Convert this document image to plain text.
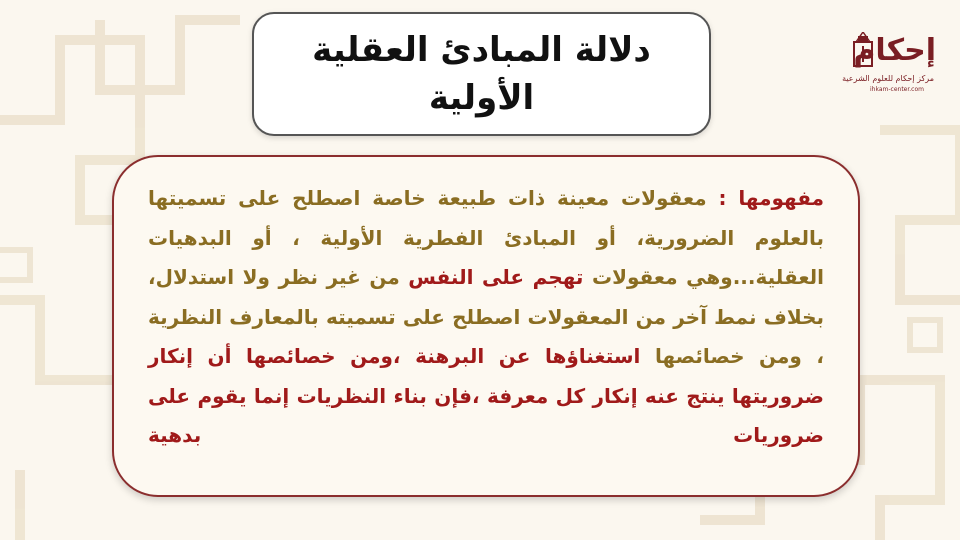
إحكام
مركز إحكام للعلوم الشرعية
ihkam-center.com
دلالة المبادئ العقلية
الأولية

مفهومها : معقولات معينة ذات طبيعة خاصة اصطلح على تسميتها بالعلوم الضرورية، أو المبادئ الفطرية الأولية ، أو البدهيات العقلية...وهي معقولات تهجم على النفس من غير نظر ولا استدلال، بخلاف نمط آخر من المعقولات اصطلح على تسميته بالمعارف النظرية ، ومن خصائصها استغناؤها عن البرهنة ،ومن خصائصها أن إنكار ضروريتها ينتج عنه إنكار كل معرفة ،فإن بناء النظريات إنما يقوم على ضروريات بدهية
